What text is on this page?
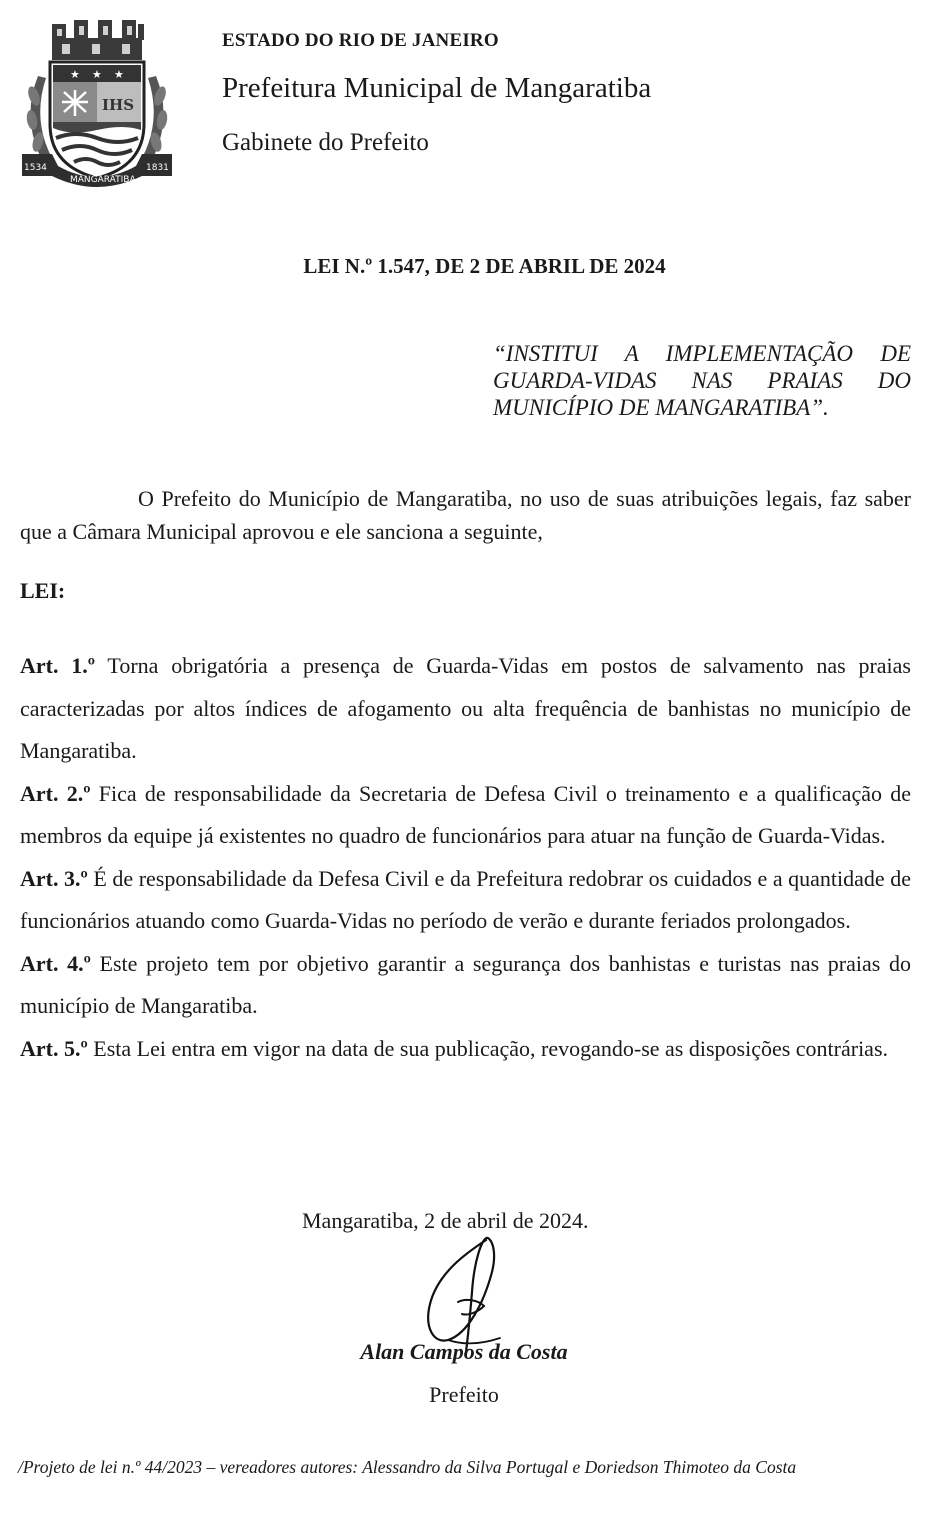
★ ★ ★
IHS
1534
MANGARATIBA
1831
ESTADO DO RIO DE JANEIRO
Prefeitura Municipal de Mangaratiba
Gabinete do Prefeito
LEI N.º 1.547, DE 2 DE ABRIL DE 2024
“INSTITUI A IMPLEMENTAÇÃO DE
GUARDA-VIDAS NAS PRAIAS DO
MUNICÍPIO DE MANGARATIBA”.
O Prefeito do Município de Mangaratiba, no uso de suas atribuições legais, faz saber que a Câmara Municipal aprovou e ele sanciona a seguinte,
LEI:

Art. 1.º Torna obrigatória a presença de Guarda-Vidas em postos de salvamento nas praias caracterizadas por altos índices de afogamento ou alta frequência de banhistas no município de Mangaratiba.

Art. 2.º Fica de responsabilidade da Secretaria de Defesa Civil o treinamento e a qualificação de membros da equipe já existentes no quadro de funcionários para atuar na função de Guarda-Vidas.

Art. 3.º É de responsabilidade da Defesa Civil e da Prefeitura redobrar os cuidados e a quantidade de funcionários atuando como Guarda-Vidas no período de verão e durante feriados prolongados.

Art. 4.º Este projeto tem por objetivo garantir a segurança dos banhistas e turistas nas praias do município de Mangaratiba.

Art. 5.º Esta Lei entra em vigor na data de sua publicação, revogando-se as disposições contrárias.

Mangaratiba, 2 de abril de 2024.
Alan Campos da Costa
Prefeito
/Projeto de lei n.º 44/2023 – vereadores autores: Alessandro da Silva Portugal e Doriedson Thimoteo da Costa
